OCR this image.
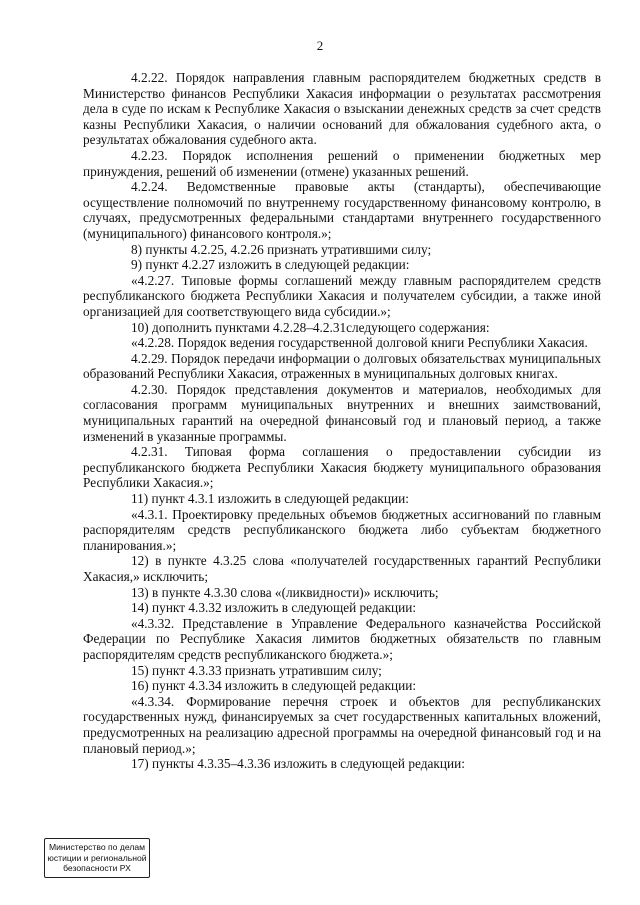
2

4.2.22. Порядок направления главным распорядителем бюджетных средств в Министерство финансов Республики Хакасия информации о результатах рассмотрения дела в суде по искам к Республике Хакасия о взыскании денежных средств за счет средств казны Республики Хакасия, о наличии оснований для обжалования судебного акта, о результатах обжалования судебного акта.

4.2.23. Порядок исполнения решений о применении бюджетных мер принуждения, решений об изменении (отмене) указанных решений.

4.2.24. Ведомственные правовые акты (стандарты), обеспечивающие осуществление полномочий по внутреннему государственному финансовому контролю, в случаях, предусмотренных федеральными стандартами внутреннего государственного (муниципального) финансового контроля.»;

8) пункты 4.2.25, 4.2.26 признать утратившими силу;

9) пункт 4.2.27 изложить в следующей редакции:

«4.2.27. Типовые формы соглашений между главным распорядителем средств республиканского бюджета Республики Хакасия и получателем субсидии, а также иной организацией для соответствующего вида субсидии.»;

10) дополнить пунктами 4.2.28–4.2.31следующего содержания:

«4.2.28. Порядок ведения государственной долговой книги Республики Хакасия.

4.2.29. Порядок передачи информации о долговых обязательствах муниципальных образований Республики Хакасия, отраженных в муниципальных долговых книгах.

4.2.30. Порядок представления документов и материалов, необходимых для согласования программ муниципальных внутренних и внешних заимствований, муниципальных гарантий на очередной финансовый год и плановый период, а также изменений в указанные программы.

4.2.31. Типовая форма соглашения о предоставлении субсидии из республиканского бюджета Республики Хакасия бюджету муниципального образования Республики Хакасия.»;

11) пункт 4.3.1 изложить в следующей редакции:

«4.3.1. Проектировку предельных объемов бюджетных ассигнований по главным распорядителям средств республиканского бюджета либо субъектам бюджетного планирования.»;

12) в пункте 4.3.25 слова «получателей государственных гарантий Республики Хакасия,» исключить;

13) в пункте 4.3.30 слова «(ликвидности)» исключить;

14) пункт 4.3.32 изложить в следующей редакции:

«4.3.32. Представление в Управление Федерального казначейства Российской Федерации по Республике Хакасия лимитов бюджетных обязательств по главным распорядителям средств республиканского бюджета.»;

15) пункт 4.3.33 признать утратившим силу;

16) пункт 4.3.34 изложить в следующей редакции:

«4.3.34. Формирование перечня строек и объектов для республиканских государственных нужд, финансируемых за счет государственных капитальных вложений, предусмотренных на реализацию адресной программы на очередной финансовый год и на плановый период.»;

17) пункты 4.3.35–4.3.36 изложить в следующей редакции:

Министерство по делам
юстиции и региональной
безопасности РХ
